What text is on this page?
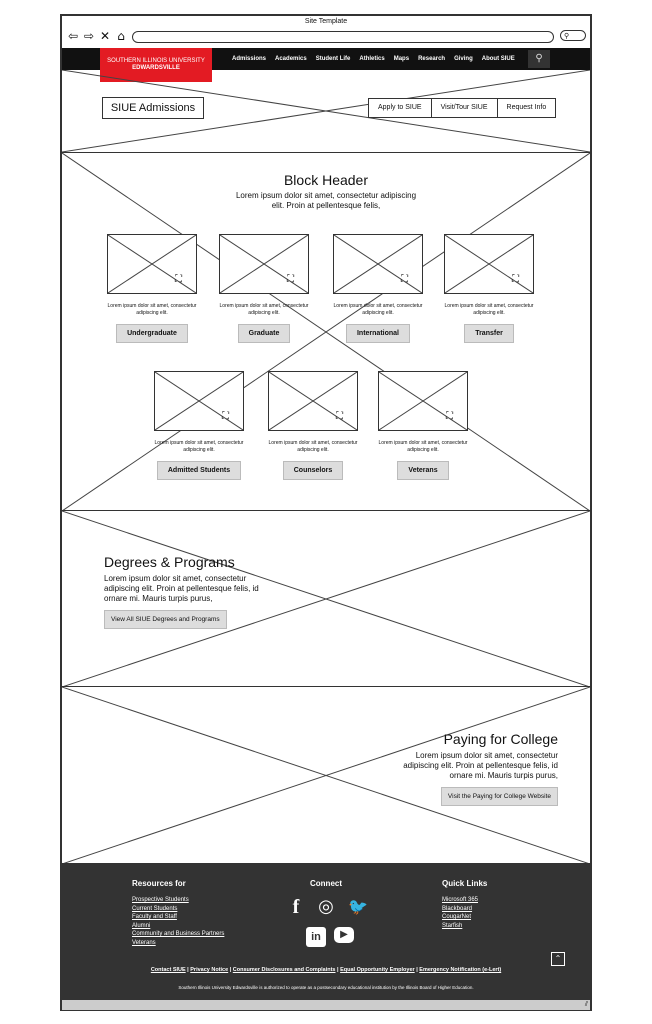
Site Template
⇦ ⇨ ✕ ⌂	⚲
SOUTHERN ILLINOIS UNIVERSITY
EDWARDSVILLE
Admissions Academics Student Life Athletics Maps Research Giving About SIUE	⚲
SIUE Admissions	Apply to SIUE	Visit/Tour SIUE	Request Info
Block Header

Lorem ipsum dolor sit amet, consectetur adipiscing elit. Proin at pellentesque felis,

⛶

Lorem ipsum dolor sit amet, consectetur adipiscing elit.

Undergraduate
⛶

Lorem ipsum dolor sit amet, consectetur adipiscing elit.

Graduate
⛶

Lorem ipsum dolor sit amet, consectetur adipiscing elit.

International
⛶

Lorem ipsum dolor sit amet, consectetur adipiscing elit.

Transfer
⛶

Lorem ipsum dolor sit amet, consectetur adipiscing elit.

Admitted Students
⛶

Lorem ipsum dolor sit amet, consectetur adipiscing elit.

Counselors
⛶

Lorem ipsum dolor sit amet, consectetur adipiscing elit.

Veterans
Degrees & Programs

Lorem ipsum dolor sit amet, consectetur adipiscing elit. Proin at pellentesque felis, id ornare mi. Mauris turpis purus,

View All SIUE Degrees and Programs
Paying for College

Lorem ipsum dolor sit amet, consectetur adipiscing elit. Proin at pellentesque felis, id ornare mi. Mauris turpis purus,

Visit the Paying for College Website
Resources for
Prospective Students
Current Students
Faculty and Staff
Alumni
Community and Business Partners
Veterans
Connect
f	◎ 🐦
in	▶
Quick Links
Microsoft 365
Blackboard
CougarNet
Starfish
⌃
Contact SIUE | Privacy Notice | Consumer Disclosures and Complaints | Equal Opportunity Employer | Emergency Notification (e-Lert)
Southern Illinois University Edwardsville is authorized to operate as a postsecondary educational institution by the Illinois Board of Higher Education.
⫽
